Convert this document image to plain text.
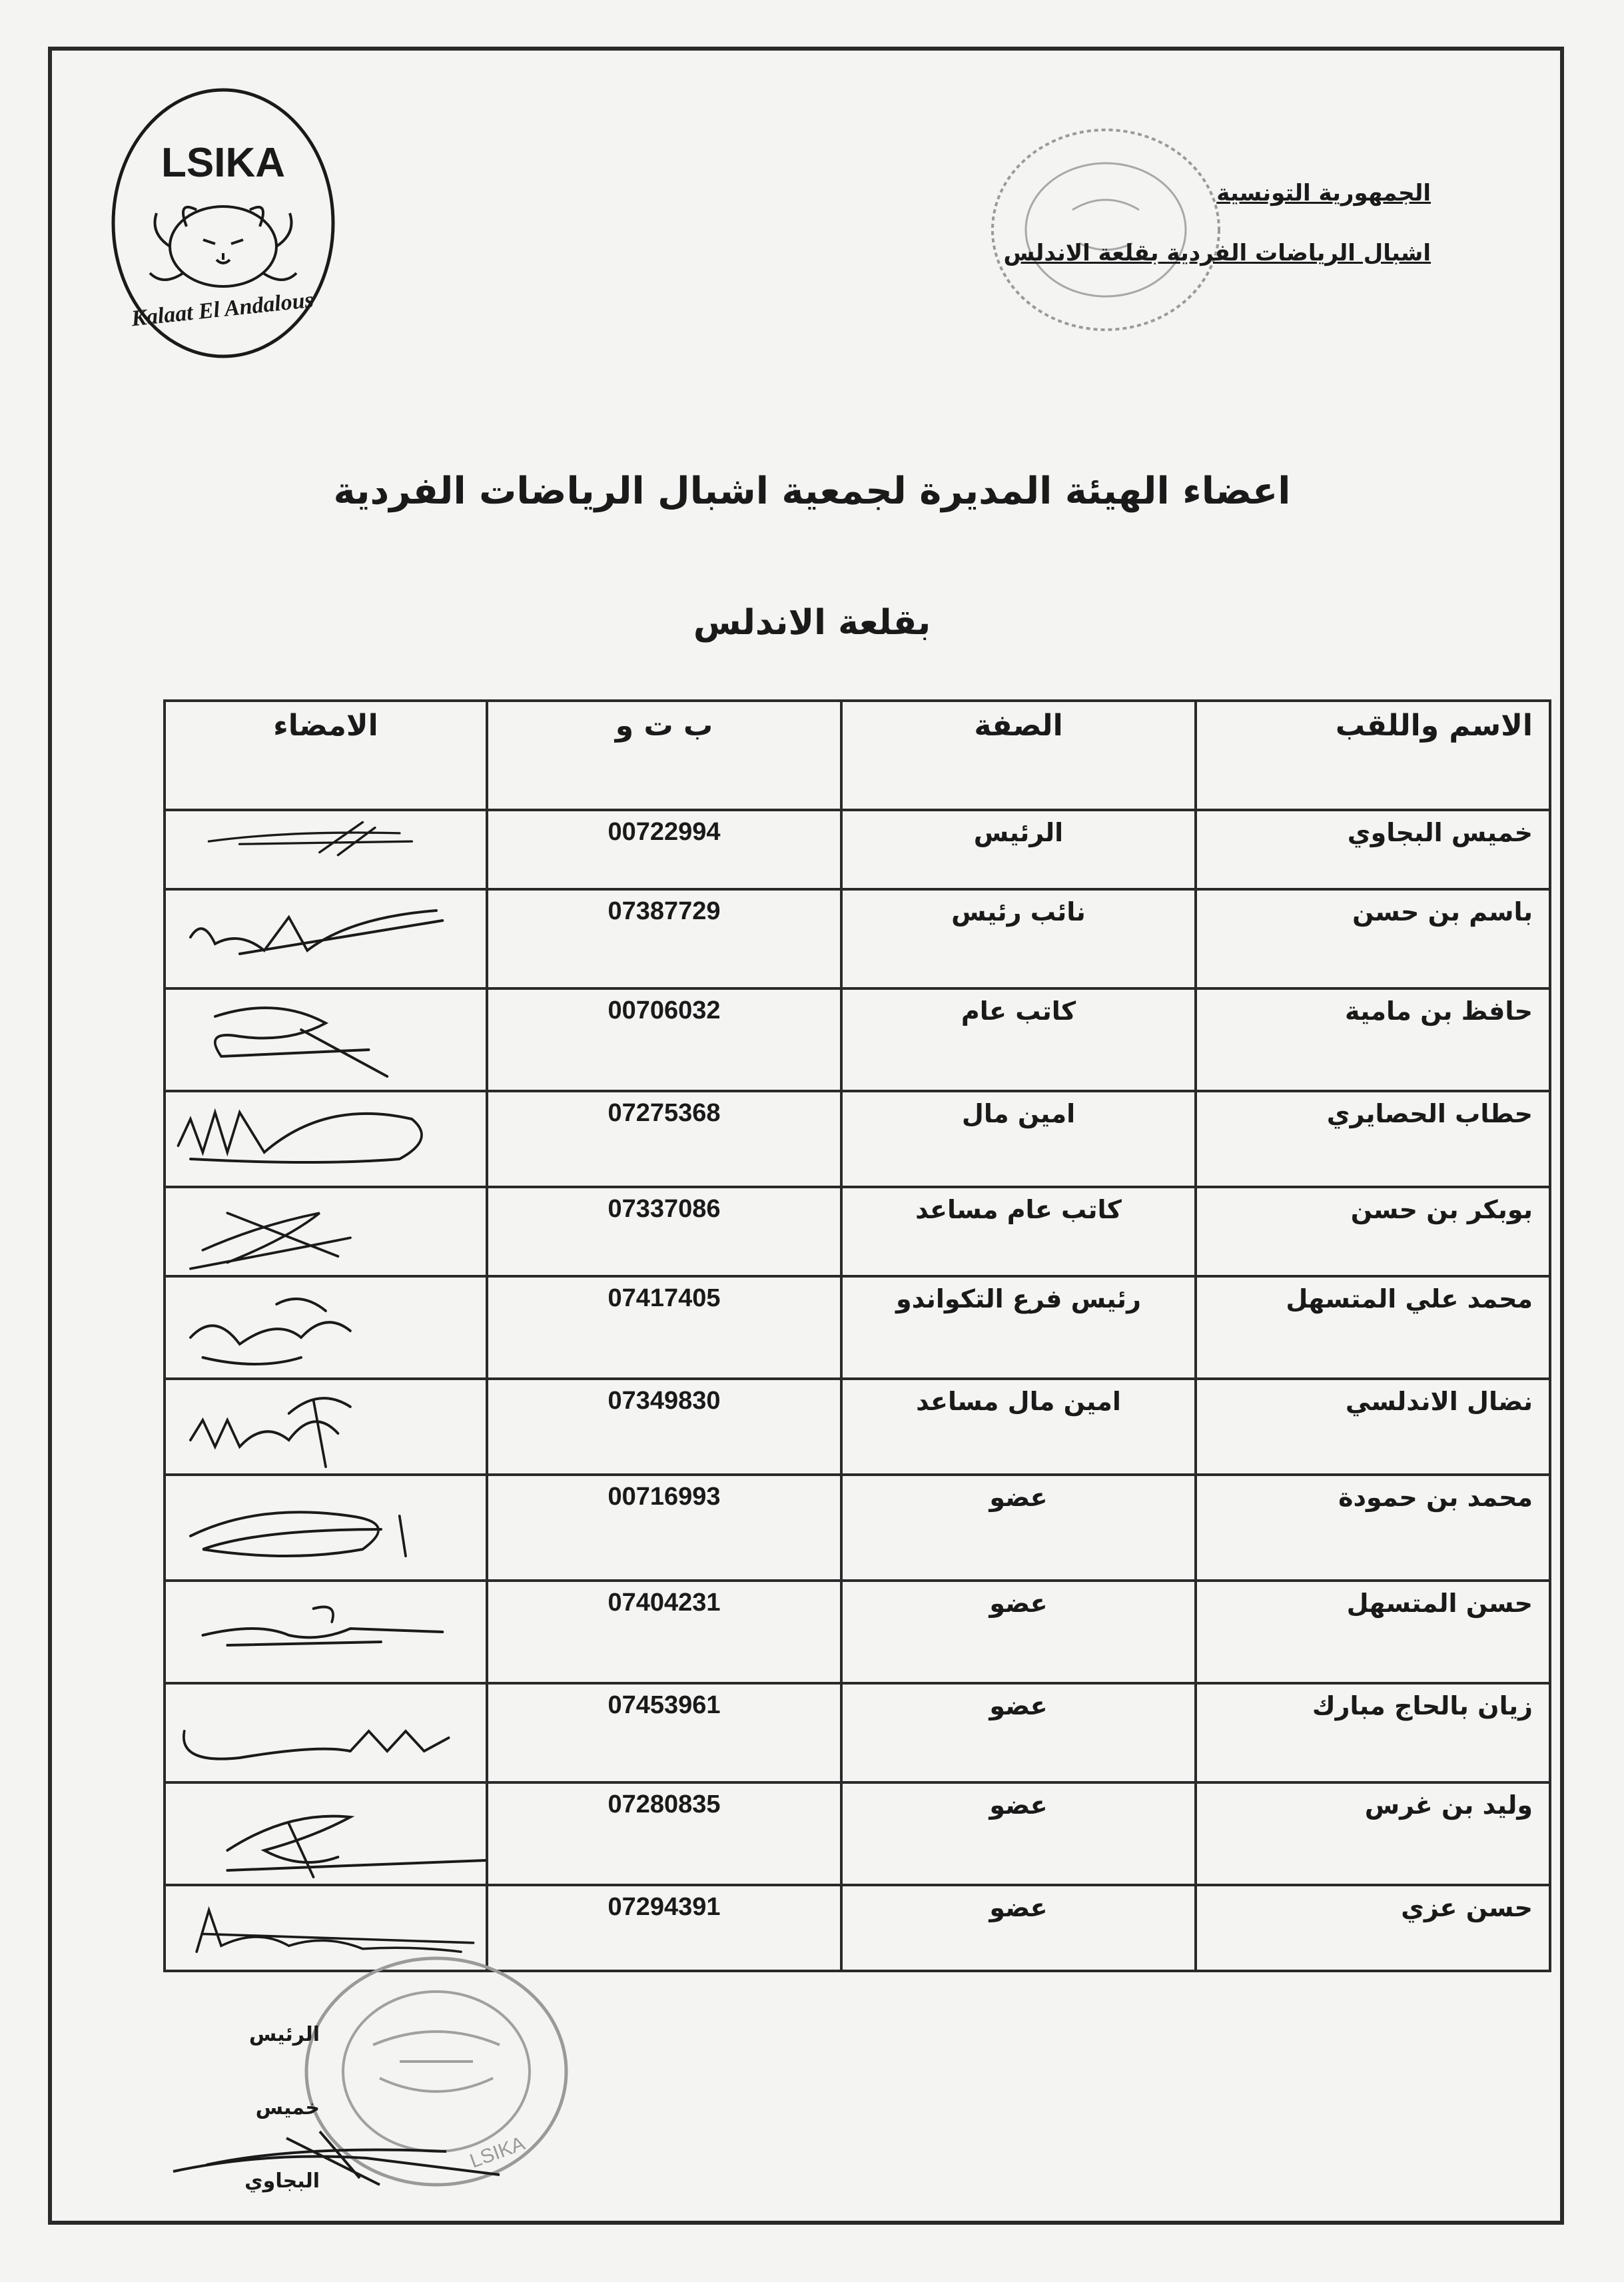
LSIKA
Kalaat El Andalous
الجمهورية التونسية
اشبال الرياضات الفردية بقلعة الاندلس
اعضاء الهيئة المديرة لجمعية اشبال الرياضات الفردية
بقلعة الاندلس
الاسم واللقب	الصفة	ب ت و	الامضاء
خميس البجاوي	الرئيس	00722994	

باسم بن حسن	نائب رئيس	07387729	

حافظ بن مامية	كاتب عام	00706032	

حطاب الحصايري	امين مال	07275368	

بوبكر بن حسن	كاتب عام مساعد	07337086	

محمد علي المتسهل	رئيس فرع التكواندو	07417405	

نضال الاندلسي	امين مال مساعد	07349830	

محمد بن حمودة	عضو	00716993	

حسن المتسهل	عضو	07404231	

زيان بالحاج مبارك	عضو	07453961	

وليد بن غرس	عضو	07280835	

حسن عزي	عضو	07294391	
LSIKA
الرئيس
خميس البجاوي
